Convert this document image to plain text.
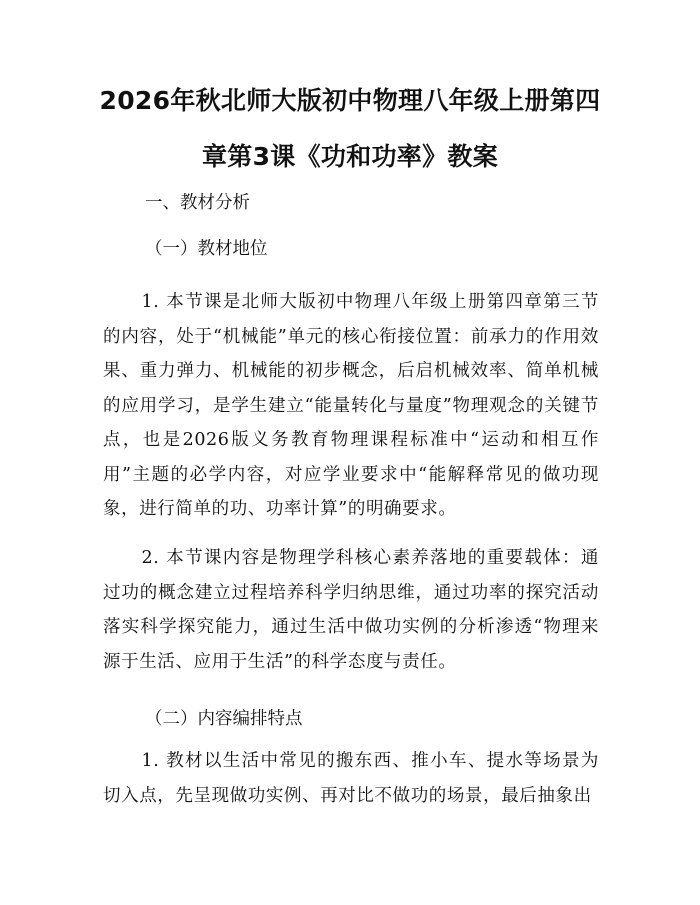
2026年秋北师大版初中物理八年级上册第四章第3课《功和功率》教案
一、教材分析
（一）教材地位
1. 本节课是北师大版初中物理八年级上册第四章第三节的内容，处于“机械能”单元的核心衔接位置：前承力的作用效果、重力弹力、机械能的初步概念，后启机械效率、简单机械的应用学习，是学生建立“能量转化与量度”物理观念的关键节点，也是2026版义务教育物理课程标准中“运动和相互作用”主题的必学内容，对应学业要求中“能解释常见的做功现象，进行简单的功、功率计算”的明确要求。
2. 本节课内容是物理学科核心素养落地的重要载体：通过功的概念建立过程培养科学归纳思维，通过功率的探究活动落实科学探究能力，通过生活中做功实例的分析渗透“物理来源于生活、应用于生活”的科学态度与责任。
（二）内容编排特点
1. 教材以生活中常见的搬东西、推小车、提水等场景为切入点，先呈现做功实例、再对比不做功的场景，最后抽象出
